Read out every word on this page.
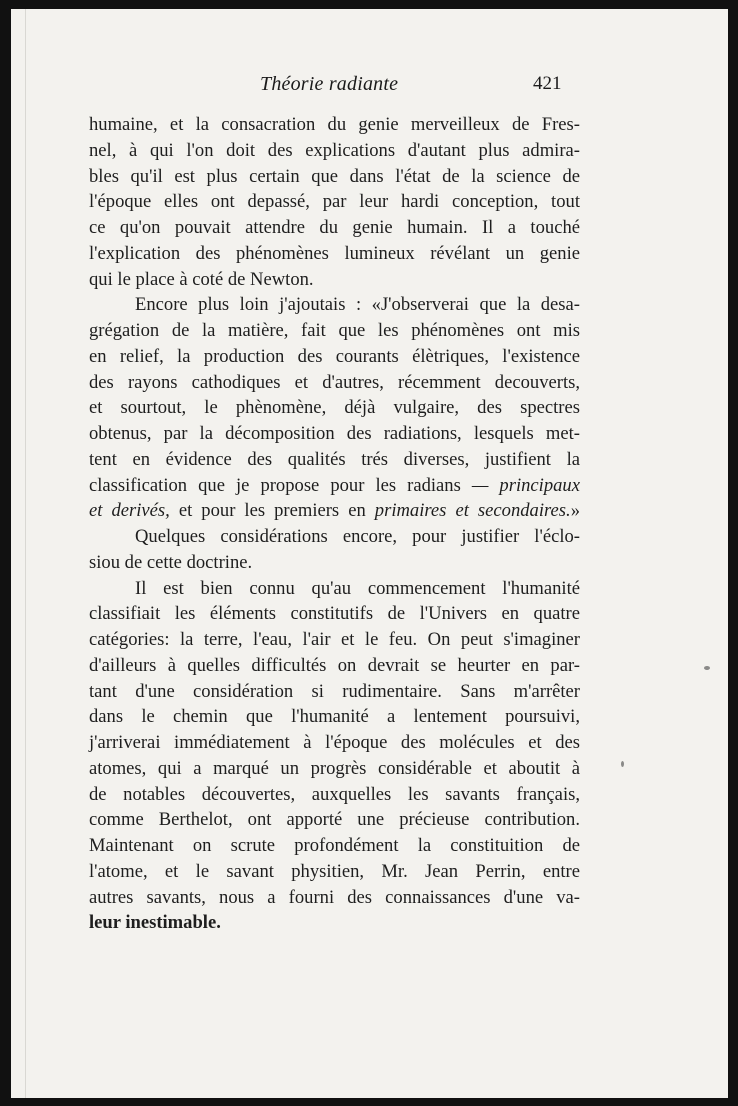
Théorie radiante	421
humaine, et la consacration du genie merveilleux de Fres-
nel, à qui l'on doit des explications d'autant plus admira-
bles qu'il est plus certain que dans l'état de la science de
l'époque elles ont depassé, par leur hardi conception, tout
ce qu'on pouvait attendre du genie humain. Il a touché
l'explication des phénomènes lumineux révélant un genie
qui le place à coté de Newton.
Encore plus loin j'ajoutais : «J'observerai que la desa-
grégation de la matière, fait que les phénomènes ont mis
en relief, la production des courants élètriques, l'existence
des rayons cathodiques et d'autres, récemment decouverts,
et sourtout, le phènomène, déjà vulgaire, des spectres
obtenus, par la décomposition des radiations, lesquels met-
tent en évidence des qualités trés diverses, justifient la
classification que je propose pour les radians — principaux
et derivés, et pour les premiers en primaires et secondaires.»
Quelques considérations encore, pour justifier l'éclo-
siou de cette doctrine.
Il est bien connu qu'au commencement l'humanité
classifiait les éléments constitutifs de l'Univers en quatre
catégories: la terre, l'eau, l'air et le feu. On peut s'imaginer
d'ailleurs à quelles difficultés on devrait se heurter en par-
tant d'une considération si rudimentaire. Sans m'arrêter
dans le chemin que l'humanité a lentement poursuivi,
j'arriverai immédiatement à l'époque des molécules et des
atomes, qui a marqué un progrès considérable et aboutit à
de notables découvertes, auxquelles les savants français,
comme Berthelot, ont apporté une précieuse contribution.
Maintenant on scrute profondément la constituition de
l'atome, et le savant physitien, Mr. Jean Perrin, entre
autres savants, nous a fourni des connaissances d'une va-
leur inestimable.
